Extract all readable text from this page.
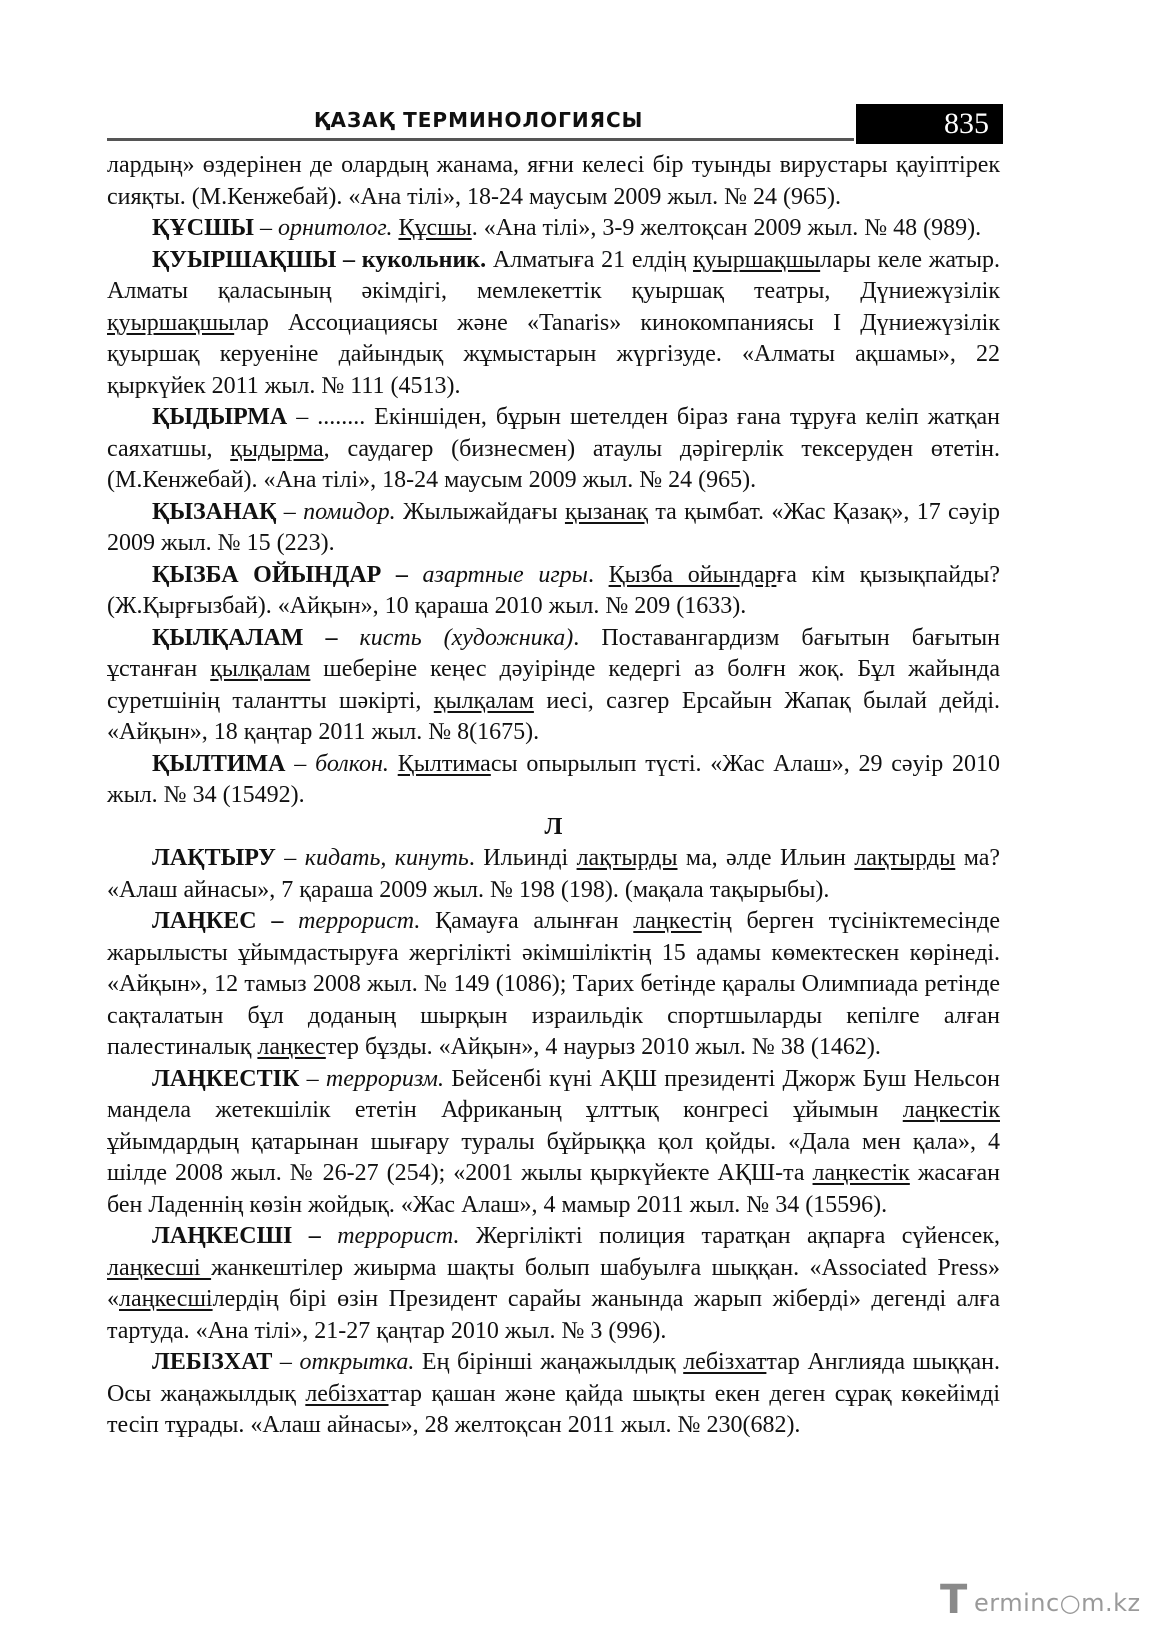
ҚАЗАҚ ТЕРМИНОЛОГИЯСЫ	835

лардың» өздерінен де олардың жанама, яғни келесі бір туынды вирустары қауіптірек сияқты. (М.Кенжебай). «Ана тілі», 18-24 маусым 2009 жыл. № 24 (965).

ҚҰСШЫ – орнитолог. Құсшы. «Ана тілі», 3-9 желтоқсан 2009 жыл. № 48 (989).

ҚУЫРШАҚШЫ – кукольник. Алматыға 21 елдің қуыршақшылары келе жатыр. Алматы қаласының әкімдігі, мемлекеттік қуыршақ театры, Дүниежүзілік қуыршақшылар Ассоциациясы және «Tanaris» кинокомпаниясы І Дүниежүзілік қуыршақ керуеніне дайындық жұмыстарын жүргізуде. «Алматы ақшамы», 22 қыркүйек 2011 жыл. № 111 (4513).

ҚЫДЫРМА – ........ Екіншіден, бұрын шетелден біраз ғана тұруға келіп жатқан саяхатшы, қыдырма, саудагер (бизнесмен) атаулы дәрігерлік тексеруден өтетін. (М.Кенжебай). «Ана тілі», 18-24 маусым 2009 жыл. № 24 (965).

ҚЫЗАНАҚ – помидор. Жылыжайдағы қызанақ та қымбат. «Жас Қазақ», 17 сәуір 2009 жыл. № 15 (223).

ҚЫЗБА ОЙЫНДАР – азартные игры. Қызба ойындарға кім қызықпайды? (Ж.Қырғызбай). «Айқын», 10 қараша 2010 жыл. № 209 (1633).

ҚЫЛҚАЛАМ – кисть (художника). Поставангардизм бағытын бағытын ұстанған қылқалам шеберіне кеңес дәуірінде кедергі аз болғн жоқ. Бұл жайында суретшінің талантты шәкірті, қылқалам иесі, сазгер Ерсайын Жапақ былай дейді. «Айқын», 18 қаңтар 2011 жыл. № 8(1675).

ҚЫЛТИМА – болкон. Қылтимасы опырылып түсті. «Жас Алаш», 29 сәуір 2010 жыл. № 34 (15492).

Л

ЛАҚТЫРУ – кидать, кинуть. Ильинді лақтырды ма, әлде Ильин лақтырды ма? «Алаш айнасы», 7 қараша 2009 жыл. № 198 (198). (мақала тақырыбы).

ЛАҢКЕС – террорист. Қамауға алынған лаңкестің берген түсініктемесінде жарылысты ұйымдастыруға жергілікті әкімшіліктің 15 адамы көмектескен көрінеді. «Айқын», 12 тамыз 2008 жыл. № 149 (1086); Тарих бетінде қаралы Олимпиада ретінде сақталатын бұл доданың шырқын израильдік спортшыларды кепілге алған палестиналық лаңкестер бұзды. «Айқын», 4 наурыз 2010 жыл. № 38 (1462).

ЛАҢКЕСТІК – терроризм. Бейсенбі күні АҚШ президенті Джорж Буш Нельсон мандела жетекшілік ететін Африканың ұлттық конгресі ұйымын лаңкестік ұйымдардың қатарынан шығару туралы бұйрыққа қол қойды. «Дала мен қала», 4 шілде 2008 жыл. № 26-27 (254); «2001 жылы қыркүйекте АҚШ-та лаңкестік жасаған бен Ладеннің көзін жойдық. «Жас Алаш», 4 мамыр 2011 жыл. № 34 (15596).

ЛАҢКЕСШІ – террорист. Жергілікті полиция таратқан ақпарға сүйенсек, лаңкесші жанкештілер жиырма шақты болып шабуылға шыққан. «Associated Press» «лаңкесшілердің бірі өзін Президент сарайы жанында жарып жіберді» дегенді алға тартуда. «Ана тілі», 21-27 қаңтар 2010 жыл. № 3 (996).

ЛЕБІЗХАТ – открытка. Ең бірінші жаңажылдық лебізхаттар Англияда шыққан. Осы жаңажылдық лебізхаттар қашан және қайда шықты екен деген сұрақ көкейімді тесіп тұрады. «Алаш айнасы», 28 желтоқсан 2011 жыл. № 230(682).

T erminc○m.kz
